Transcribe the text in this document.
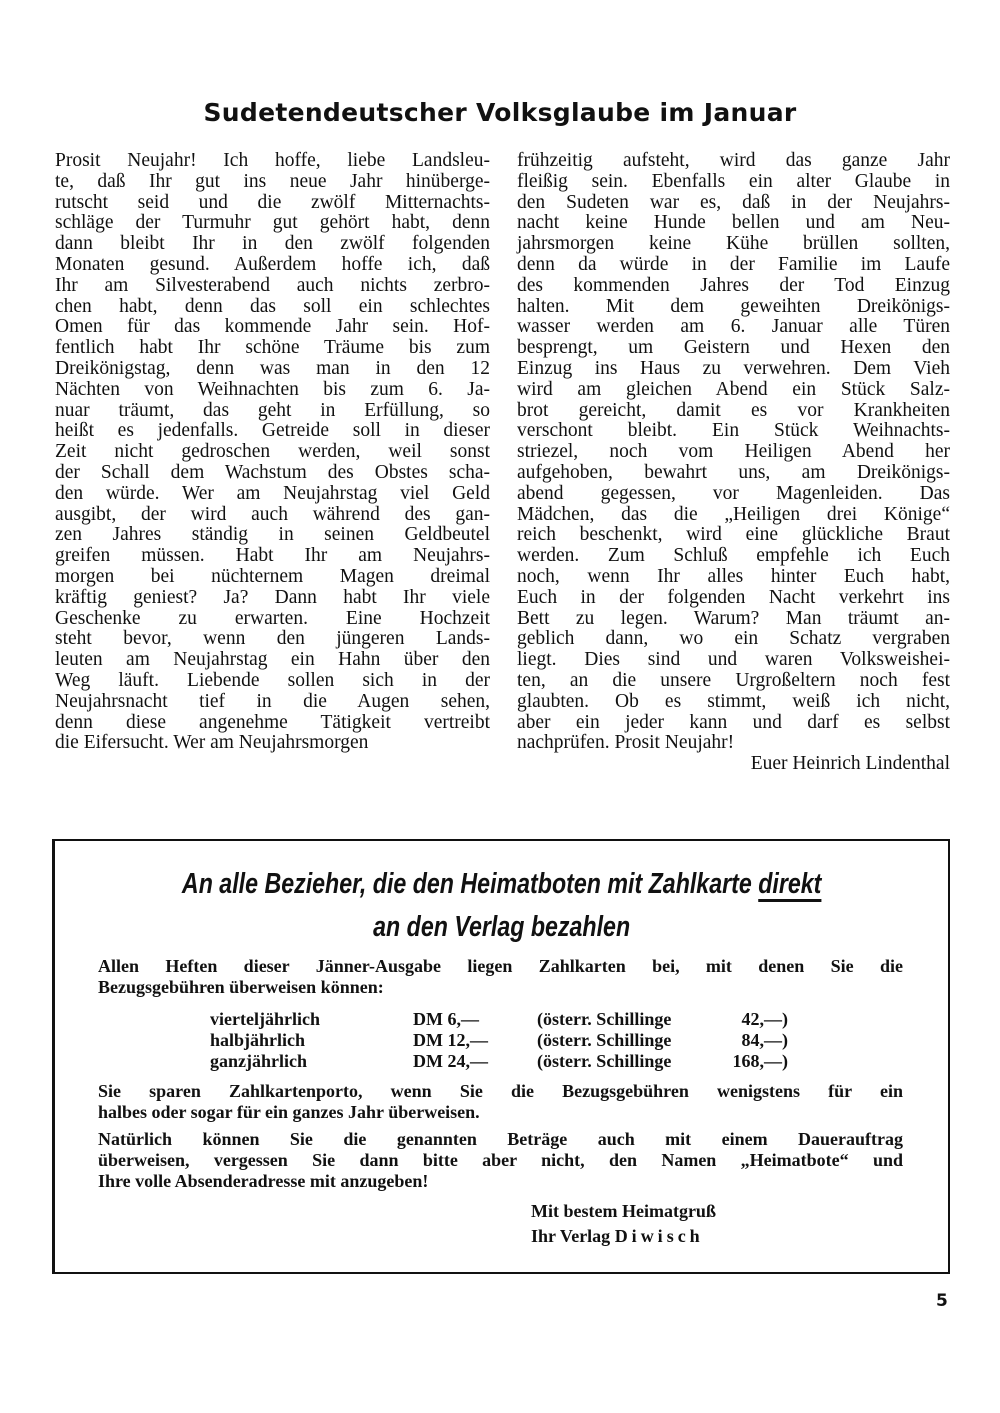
Sudetendeutscher Volksglaube im Januar
Prosit Neujahr! Ich hoffe, liebe Landsleu-
te, daß Ihr gut ins neue Jahr hinüberge-
rutscht seid und die zwölf Mitternachts-
schläge der Turmuhr gut gehört habt, denn
dann bleibt Ihr in den zwölf folgenden
Monaten gesund. Außerdem hoffe ich, daß
Ihr am Silvesterabend auch nichts zerbro-
chen habt, denn das soll ein schlechtes
Omen für das kommende Jahr sein. Hof-
fentlich habt Ihr schöne Träume bis zum
Dreikönigstag, denn was man in den 12
Nächten von Weihnachten bis zum 6. Ja-
nuar träumt, das geht in Erfüllung, so
heißt es jedenfalls. Getreide soll in dieser
Zeit nicht gedroschen werden, weil sonst
der Schall dem Wachstum des Obstes scha-
den würde. Wer am Neujahrstag viel Geld
ausgibt, der wird auch während des gan-
zen Jahres ständig in seinen Geldbeutel
greifen müssen. Habt Ihr am Neujahrs-
morgen bei nüchternem Magen dreimal
kräftig geniest? Ja? Dann habt Ihr viele
Geschenke zu erwarten. Eine Hochzeit
steht bevor, wenn den jüngeren Lands-
leuten am Neujahrstag ein Hahn über den
Weg läuft. Liebende sollen sich in der
Neujahrsnacht tief in die Augen sehen,
denn diese angenehme Tätigkeit vertreibt
die Eifersucht. Wer am Neujahrsmorgen
frühzeitig aufsteht, wird das ganze Jahr
fleißig sein. Ebenfalls ein alter Glaube in
den Sudeten war es, daß in der Neujahrs-
nacht keine Hunde bellen und am Neu-
jahrsmorgen keine Kühe brüllen sollten,
denn da würde in der Familie im Laufe
des kommenden Jahres der Tod Einzug
halten. Mit dem geweihten Dreikönigs-
wasser werden am 6. Januar alle Türen
besprengt, um Geistern und Hexen den
Einzug ins Haus zu verwehren. Dem Vieh
wird am gleichen Abend ein Stück Salz-
brot gereicht, damit es vor Krankheiten
verschont bleibt. Ein Stück Weihnachts-
striezel, noch vom Heiligen Abend her
aufgehoben, bewahrt uns, am Dreikönigs-
abend gegessen, vor Magenleiden. Das
Mädchen, das die „Heiligen drei Könige“
reich beschenkt, wird eine glückliche Braut
werden. Zum Schluß empfehle ich Euch
noch, wenn Ihr alles hinter Euch habt,
Euch in der folgenden Nacht verkehrt ins
Bett zu legen. Warum? Man träumt an-
geblich dann, wo ein Schatz vergraben
liegt. Dies sind und waren Volksweishei-
ten, an die unsere Urgroßeltern noch fest
glaubten. Ob es stimmt, weiß ich nicht,
aber ein jeder kann und darf es selbst
nachprüfen. Prosit Neujahr!
Euer Heinrich Lindenthal
An alle Bezieher, die den Heimatboten mit Zahlkarte direkt
an den Verlag bezahlen
Allen Heften dieser Jänner-Ausgabe liegen Zahlkarten bei, mit denen Sie die
Bezugsgebühren überweisen können:
vierteljährlich	DM 6,—	(österr. Schillinge	42,—)
halbjährlich	DM 12,—	(österr. Schillinge	84,—)
ganzjährlich	DM 24,—	(österr. Schillinge	168,—)
Sie sparen Zahlkartenporto, wenn Sie die Bezugsgebühren wenigstens für ein
halbes oder sogar für ein ganzes Jahr überweisen.
Natürlich können Sie die genannten Beträge auch mit einem Dauerauftrag
überweisen, vergessen Sie dann bitte aber nicht, den Namen „Heimatbote“ und
Ihre volle Absenderadresse mit anzugeben!
Mit bestem Heimatgruß
Ihr Verlag Diwisch
5
